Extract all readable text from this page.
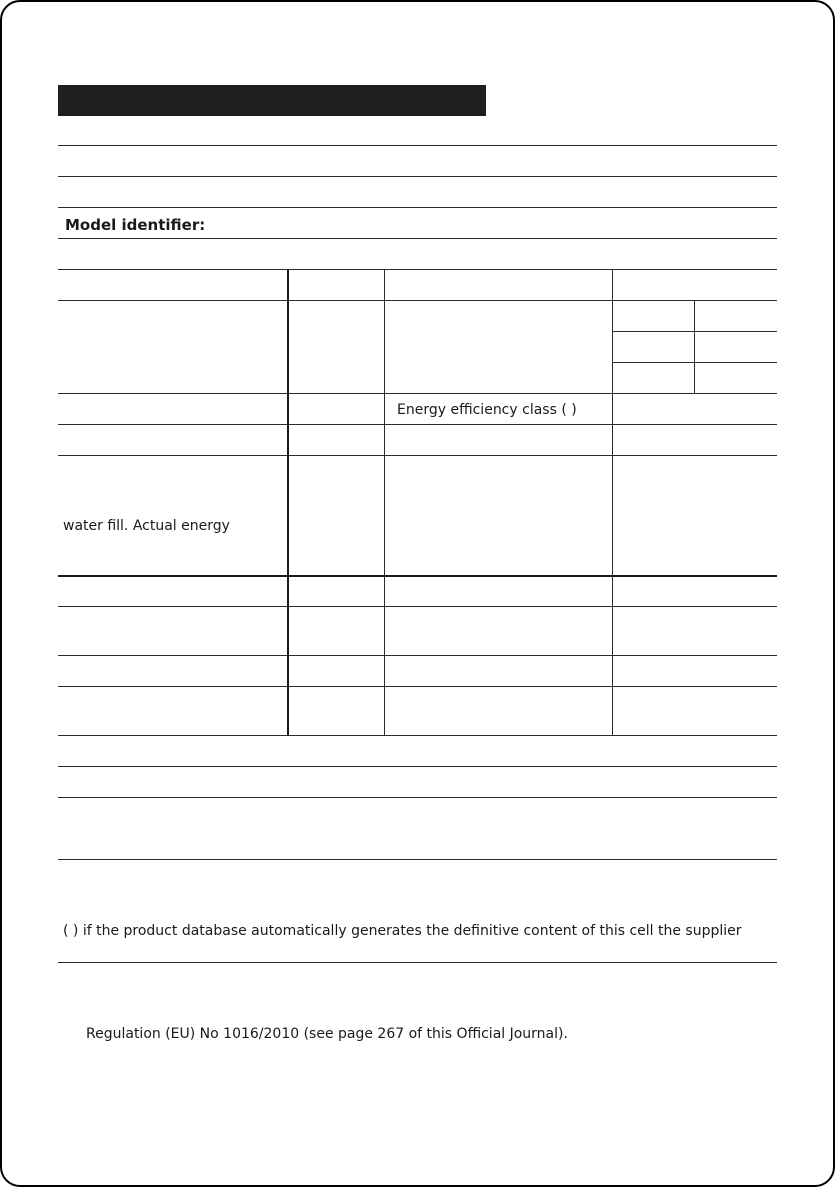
Model identifier:
Energy efficiency class ( )
water fill. Actual energy
( ) if the product database automatically generates the definitive content of this cell the supplier
Regulation (EU) No 1016/2010 (see page 267 of this Official Journal).
